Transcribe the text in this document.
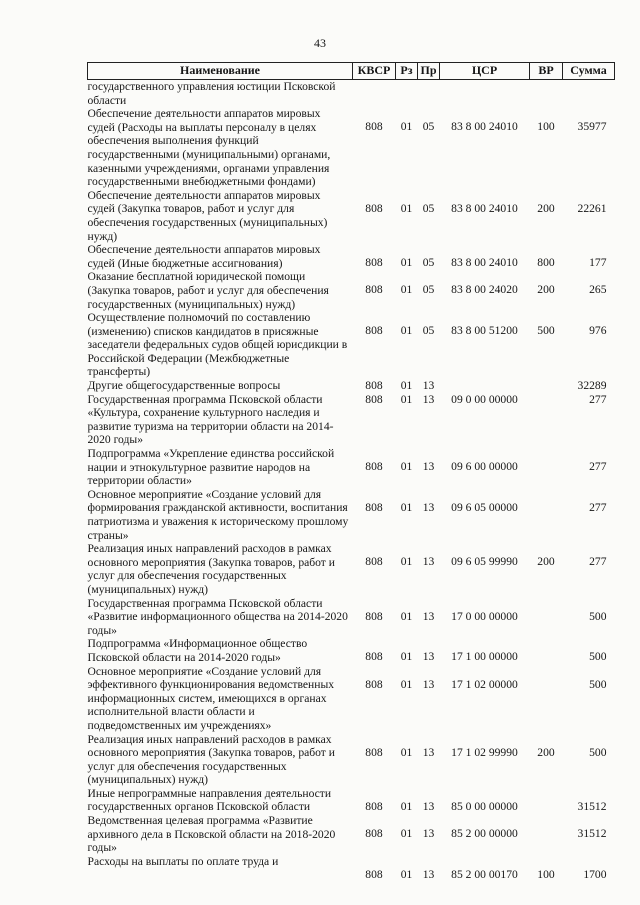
43
Наименование	КВСР	Рз	Пр	ЦСР	ВР	Сумма
государственного управления юстиции Псковской области						
Обеспечение деятельности аппаратов мировых судей (Расходы на выплаты персоналу в целях обеспечения выполнения функций государственными (муниципальными) органами, казенными учреждениями, органами управления государственными внебюджетными фондами)	808	01	05	83 8 00 24010	100	35977
Обеспечение деятельности аппаратов мировых судей (Закупка товаров, работ и услуг для обеспечения государственных (муниципальных) нужд)	808	01	05	83 8 00 24010	200	22261
Обеспечение деятельности аппаратов мировых судей (Иные бюджетные ассигнования)	808	01	05	83 8 00 24010	800	177
Оказание бесплатной юридической помощи (Закупка товаров, работ и услуг для обеспечения государственных (муниципальных) нужд)	808	01	05	83 8 00 24020	200	265
Осуществление полномочий по составлению (изменению) списков кандидатов в присяжные заседатели федеральных судов общей юрисдикции в Российской Федерации (Межбюджетные трансферты)	808	01	05	83 8 00 51200	500	976
Другие общегосударственные вопросы	808	01	13			32289
Государственная программа Псковской области «Культура, сохранение культурного наследия и развитие туризма на территории области на 2014-2020 годы»	808	01	13	09 0 00 00000		277
Подпрограмма «Укрепление единства российской нации и этнокультурное развитие народов на территории области»	808	01	13	09 6 00 00000		277
Основное мероприятие «Создание условий для формирования гражданской активности, воспитания патриотизма и уважения к историческому прошлому страны»	808	01	13	09 6 05 00000		277
Реализация иных направлений расходов в рамках основного мероприятия (Закупка товаров, работ и услуг для обеспечения государственных (муниципальных) нужд)	808	01	13	09 6 05 99990	200	277
Государственная программа Псковской области «Развитие информационного общества на 2014-2020 годы»	808	01	13	17 0 00 00000		500
Подпрограмма «Информационное общество Псковской области на 2014-2020 годы»	808	01	13	17 1 00 00000		500
Основное мероприятие «Создание условий для эффективного функционирования ведомственных информационных систем, имеющихся в органах исполнительной власти области и подведомственных им учреждениях»	808	01	13	17 1 02 00000		500
Реализация иных направлений расходов в рамках основного мероприятия (Закупка товаров, работ и услуг для обеспечения государственных (муниципальных) нужд)	808	01	13	17 1 02 99990	200	500
Иные непрограммные направления деятельности государственных органов Псковской области	808	01	13	85 0 00 00000		31512
Ведомственная целевая программа «Развитие архивного дела в Псковской области на 2018-2020 годы»	808	01	13	85 2 00 00000		31512
Расходы на выплаты по оплате труда и	808	01	13	85 2 00 00170	100	1700
